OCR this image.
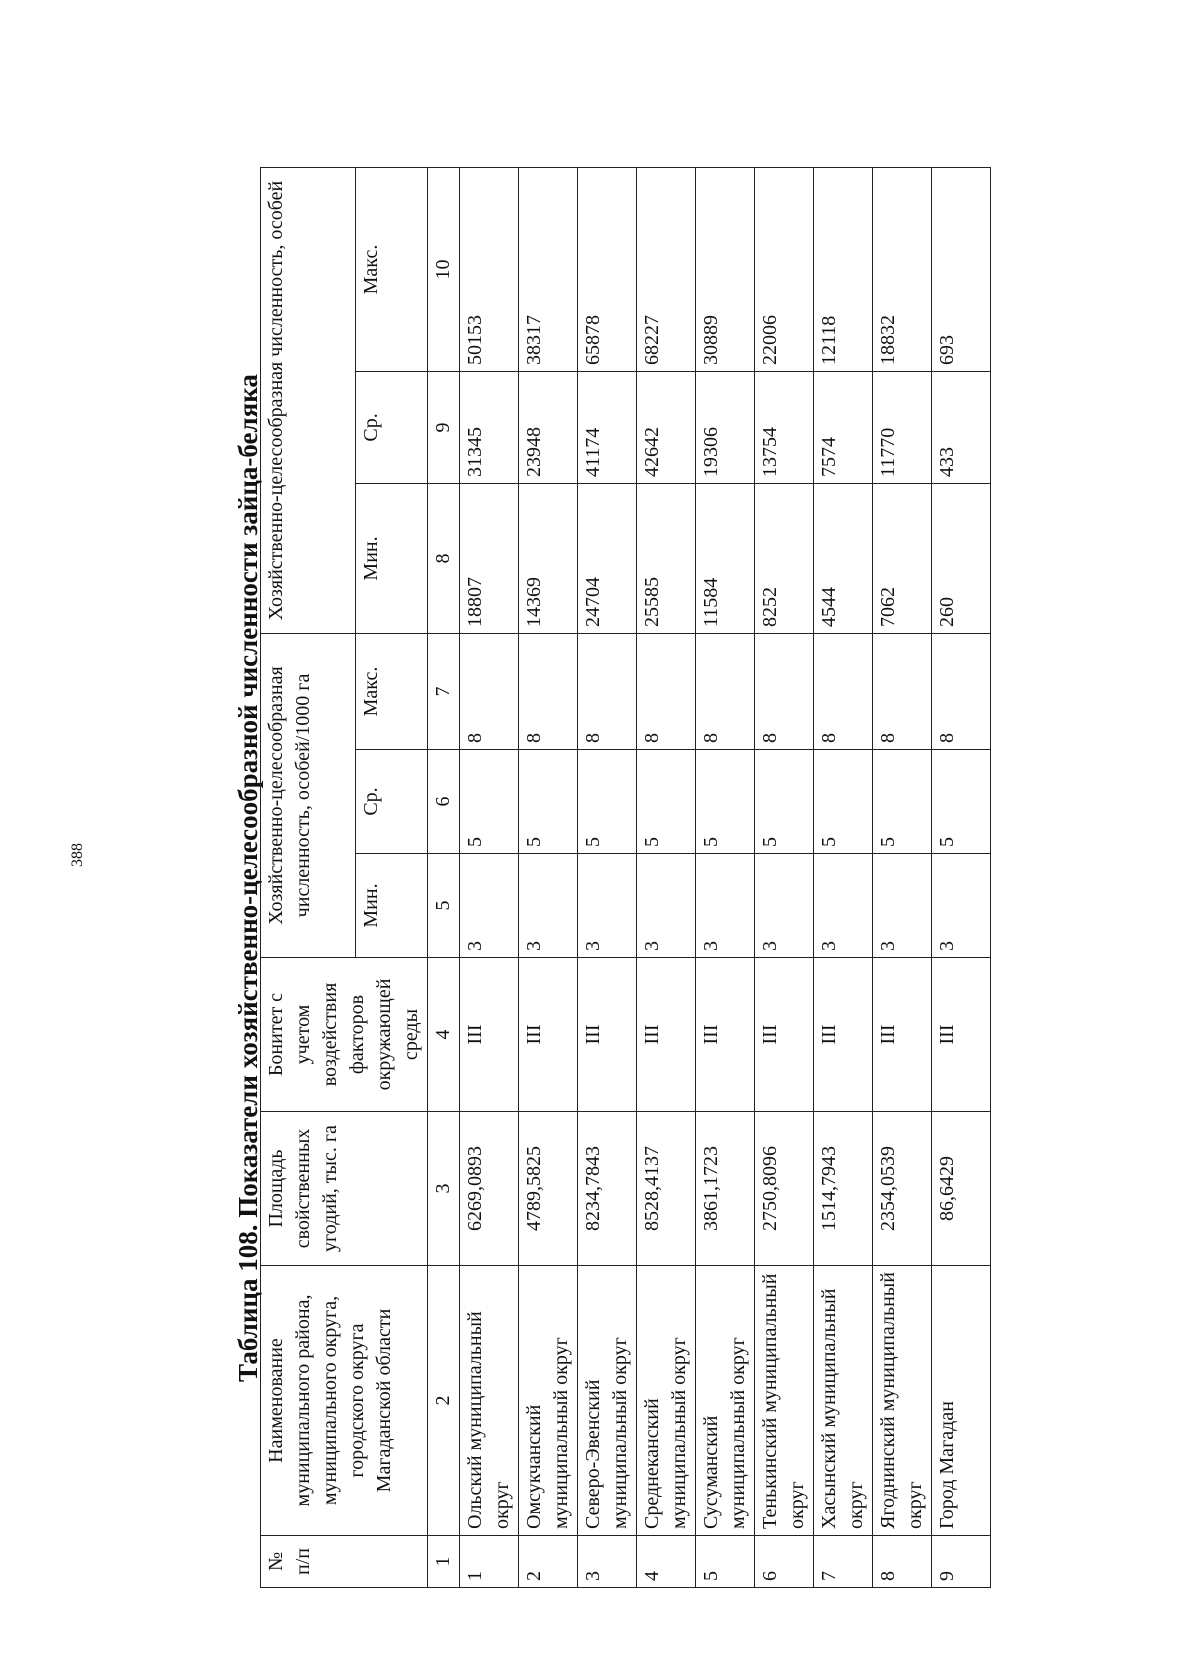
388	Таблица 108. Показатели хозяйственно-целесообразной численности зайца-беляка
№ п/п	Наименование муниципального района, муниципального округа, городского округа Магаданской области	Площадь свойственных угодий, тыс. га	Бонитет с учетом воздействия факторов окружающей среды	Хозяйственно-целесообразная численность, особей/1000 га			Хозяйственно-целесообразная численность, особей		
				Мин.	Ср.	Макс.	Мин.	Ср.	Макс.
1	2	3	4	5	6	7	8	9	10
1	Ольский муниципальный округ	6269,0893	III	3	5	8	18807	31345	50153
2	Омсукчанский муниципальный округ	4789,5825	III	3	5	8	14369	23948	38317
3	Северо-Эвенский муниципальный округ	8234,7843	III	3	5	8	24704	41174	65878
4	Среднеканский муниципальный округ	8528,4137	III	3	5	8	25585	42642	68227
5	Сусуманский муниципальный округ	3861,1723	III	3	5	8	11584	19306	30889
6	Тенькинский муниципальный округ	2750,8096	III	3	5	8	8252	13754	22006
7	Хасынский муниципальный округ	1514,7943	III	3	5	8	4544	7574	12118
8	Ягоднинский муниципальный округ	2354,0539	III	3	5	8	7062	11770	18832
9	Город Магадан	86,6429	III	3	5	8	260	433	693
